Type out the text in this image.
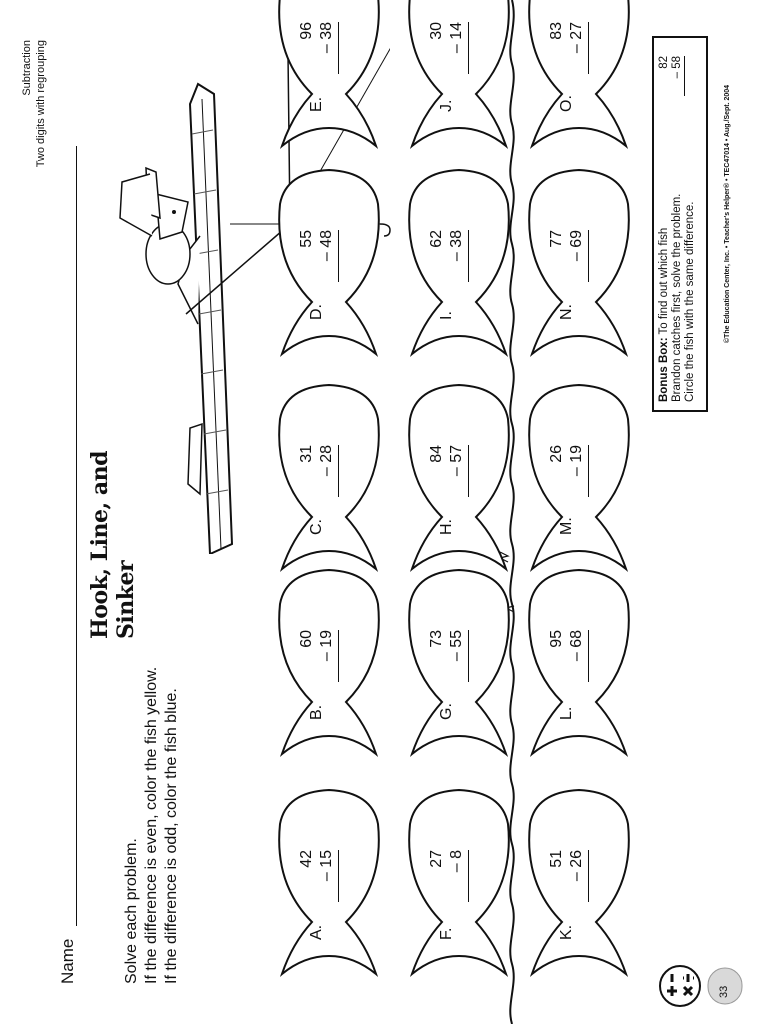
Name
Subtraction Two digits with regrouping
Solve each problem. If the difference is even, color the fish yellow. If the difference is odd, color the fish blue.
Hook, Line, and Sinker
A.
42 – 15
B.
60 – 19
C.
31 – 28
D.
55 – 48
E.
96 – 38
F.
27 – 8
G.
73 – 55
H.
84 – 57
I.
62 – 38
J.
30 – 14
K.
51 – 26
L.
95 – 68
M.
26 – 19
N.
77 – 69
O.
83 – 27
Bonus Box: To find out which fish
Brandon catches first, solve the problem.
Circle the fish with the same difference.
82 – 58
©The Education Center, Inc. • Teacher's Helper® • TEC47014 • Aug./Sept. 2004
33
